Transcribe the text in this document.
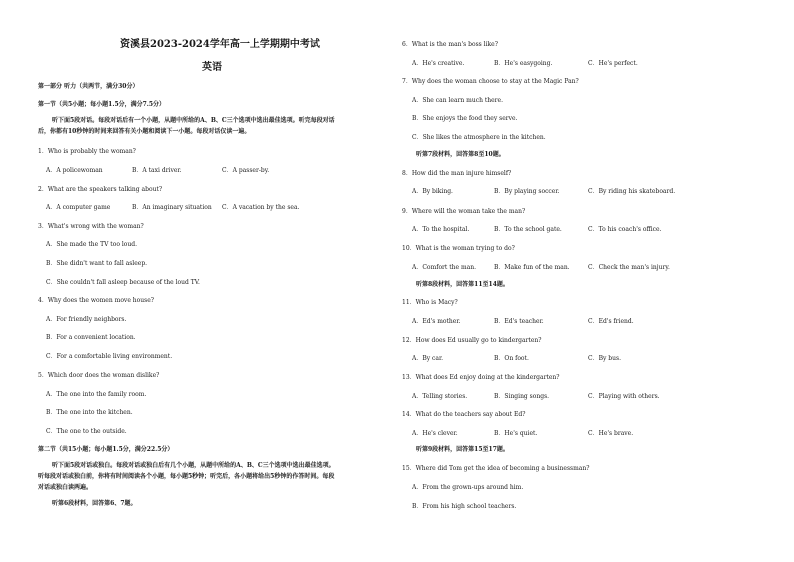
资溪县2023-2024学年高一上学期期中考试
英语
第一部分 听力（共两节，满分30分）
第一节（共5小题；每小题1.5分，满分7.5分）
听下面5段对话。每段对话后有一个小题，从题中所给的A、B、C三个选项中选出最佳选项。听完每段对话
后，你都有10秒钟的时间来回答有关小题和阅读下一小题。每段对话仅读一遍。
1．Who is probably the woman?
A．A policewoman	B．A taxi driver.	C．A passer-by.
2．What are the speakers talking about?
A．A computer game	B．An imaginary situation C．A vacation by the sea.
3．What's wrong with the woman?
A．She made the TV too loud.
B．She didn't want to fall asleep.
C．She couldn't fall asleep because of the loud TV.
4．Why does the women move house?
A．For friendly neighbors.
B．For a convenient location.
C．For a comfortable living environment.
5．Which door does the woman dislike?
A．The one into the family room.
B．The one into the kitchen.
C．The one to the outside.
第二节（共15小题；每小题1.5分，满分22.5分）
听下面5段对话或独白。每段对话或独白后有几个小题，从题中所给的A、B、C三个选项中选出最佳选项。
听每段对话或独白前，你将有时间阅读各个小题，每小题5秒钟；听完后，各小题将给出5秒钟的作答时间。每段
对话或独白读两遍。
听第6段材料，回答第6、7题。
6．What is the man's boss like?
A．He's creative.	B．He's easygoing.	C．He's perfect.
7．Why does the woman choose to stay at the Magic Pan?
A．She can learn much there.
B．She enjoys the food they serve.
C．She likes the atmosphere in the kitchen.
听第7段材料，回答第8至10题。
8．How did the man injure himself?
A．By biking.	B．By playing soccer.	C．By riding his skateboard.
9．Where will the woman take the man?
A．To the hospital.	B．To the school gate.	C．To his coach's office.
10．What is the woman trying to do?
A．Comfort the man.	B．Make fun of the man.	C．Check the man's injury.
听第8段材料，回答第11至14题。
11．Who is Macy?
A．Ed's mother.	B．Ed's teacher.	C．Ed's friend.
12．How does Ed usually go to kindergarten?
A．By car.	B．On foot.	C．By bus.
13．What does Ed enjoy doing at the kindergarten?
A．Telling stories.	B．Singing songs.	C．Playing with others.
14．What do the teachers say about Ed?
A．He's clever.	B．He's quiet.	C．He's brave.
听第9段材料，回答第15至17题。
15．Where did Tom get the idea of becoming a businessman?
A．From the grown-ups around him.
B．From his high school teachers.
